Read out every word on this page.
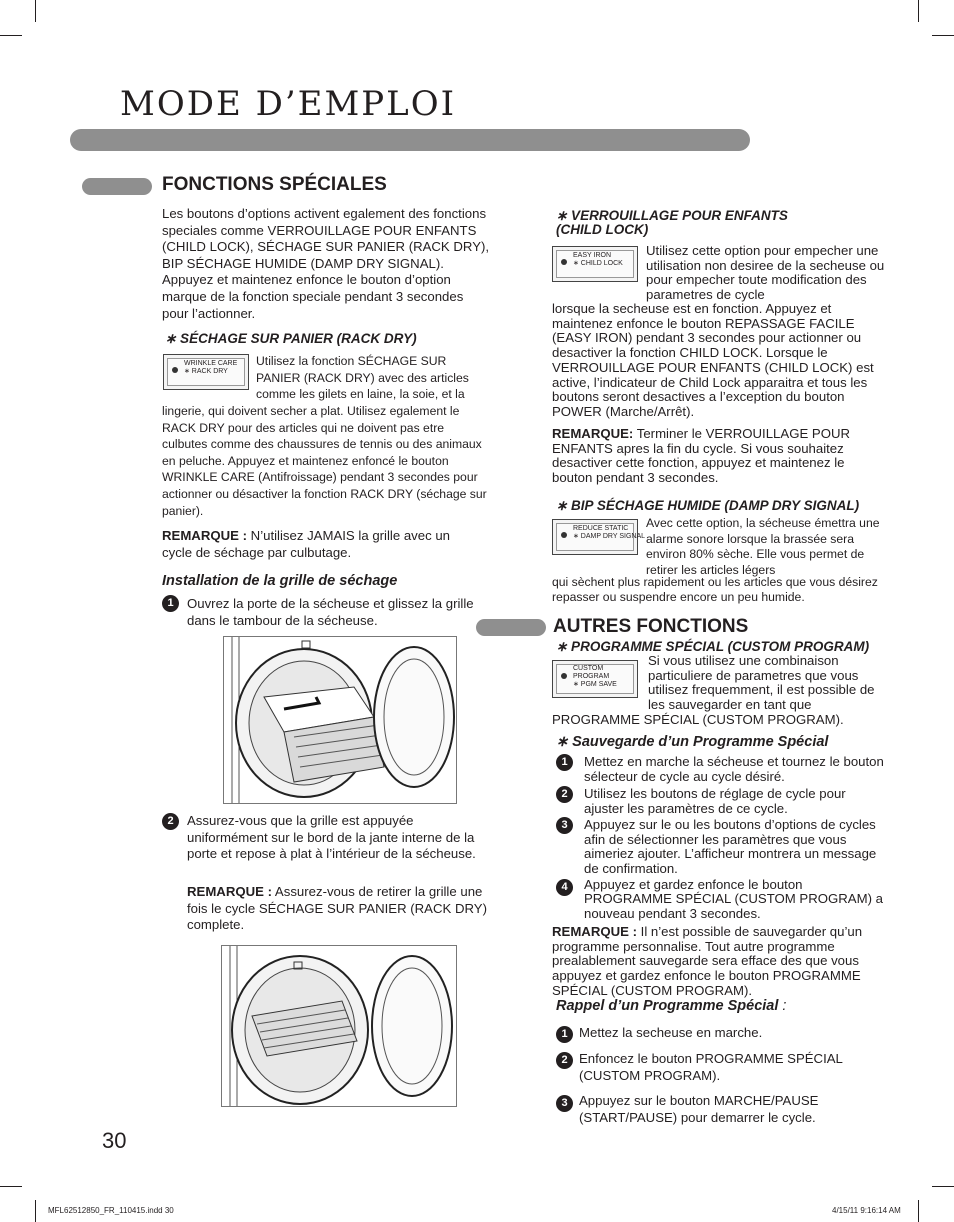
MODE D’EMPLOI
FONCTIONS SPÉCIALES
Les boutons d’options activent egalement des fonctions speciales comme VERROUILLAGE POUR ENFANTS (CHILD LOCK), SÉCHAGE SUR PANIER (RACK DRY), BIP SÉCHAGE HUMIDE (DAMP DRY SIGNAL). Appuyez et maintenez enfonce le bouton d’option marque de la fonction speciale pendant 3 secondes pour l’actionner.
∗ SÉCHAGE SUR PANIER (RACK DRY)
WRINKLE CARE
∗ RACK DRY
Utilisez la fonction SÉCHAGE SUR PANIER (RACK DRY) avec des articles comme les gilets en laine, la soie, et la
lingerie, qui doivent secher a plat. Utilisez egalement le RACK DRY pour des articles qui ne doivent pas etre culbutes comme des chaussures de tennis ou des animaux en peluche. Appuyez et maintenez enfoncé le bouton WRINKLE CARE (Antifroissage) pendant 3 secondes pour actionner ou désactiver la fonction RACK DRY (séchage sur panier).
REMARQUE : N’utilisez JAMAIS la grille avec un cycle de séchage par culbutage.
Installation de la grille de séchage
1	Ouvrez la porte de la sécheuse et glissez la grille dans le tambour de la sécheuse.
2	Assurez-vous que la grille est appuyée uniformément sur le bord de la jante interne de la porte et repose à plat à l’intérieur de la sécheuse.
REMARQUE : Assurez-vous de retirer la grille une fois le cycle SÉCHAGE SUR PANIER (RACK DRY) complete.
30
∗ VERROUILLAGE POUR ENFANTS
(CHILD LOCK)
EASY IRON
∗ CHILD LOCK
Utilisez cette option pour empecher une utilisation non desiree de la secheuse ou pour empecher toute modification des parametres de cycle
lorsque la secheuse est en fonction. Appuyez et maintenez enfonce le bouton REPASSAGE FACILE (EASY IRON) pendant 3 secondes pour actionner ou desactiver la fonction CHILD LOCK. Lorsque le VERROUILLAGE POUR ENFANTS (CHILD LOCK) est active, l’indicateur de Child Lock apparaitra et tous les boutons seront desactives a l’exception du bouton POWER (Marche/Arrêt).
REMARQUE: Terminer le VERROUILLAGE POUR ENFANTS apres la fin du cycle. Si vous souhaitez desactiver cette fonction, appuyez et maintenez le bouton pendant 3 secondes.
∗ BIP SÉCHAGE HUMIDE (DAMP DRY SIGNAL)
REDUCE STATIC
∗ DAMP DRY SIGNAL
Avec cette option, la sécheuse émettra une alarme sonore lorsque la brassée sera environ 80% sèche. Elle vous permet de retirer les articles légers
qui sèchent plus rapidement ou les articles que vous désirez repasser ou suspendre encore un peu humide.
AUTRES FONCTIONS
∗ PROGRAMME SPÉCIAL (CUSTOM PROGRAM)
CUSTOM
PROGRAM
∗ PGM SAVE
Si vous utilisez une combinaison particuliere de parametres que vous utilisez frequemment, il est possible de les sauvegarder en tant que
PROGRAMME SPÉCIAL (CUSTOM PROGRAM).
∗ Sauvegarde d’un Programme Spécial
1	Mettez en marche la sécheuse et tournez le bouton sélecteur de cycle au cycle désiré.
2	Utilisez les boutons de réglage de cycle pour ajuster les paramètres de ce cycle.
3	Appuyez sur le ou les boutons d’options de cycles afin de sélectionner les paramètres que vous aimeriez ajouter. L’afficheur montrera un message de confirmation.
4	Appuyez et gardez enfonce le bouton PROGRAMME SPÉCIAL (CUSTOM PROGRAM) a nouveau pendant 3 secondes.
REMARQUE : Il n’est possible de sauvegarder qu’un programme personnalise. Tout autre programme prealablement sauvegarde sera efface des que vous appuyez et gardez enfonce le bouton PROGRAMME SPÉCIAL (CUSTOM PROGRAM).
Rappel d’un Programme Spécial :
1 Mettez la secheuse en marche.
2 Enfoncez le bouton PROGRAMME SPÉCIAL (CUSTOM PROGRAM).
3 Appuyez sur le bouton MARCHE/PAUSE (START/PAUSE) pour demarrer le cycle.
MFL62512850_FR_110415.indd 30	4/15/11 9:16:14 AM
